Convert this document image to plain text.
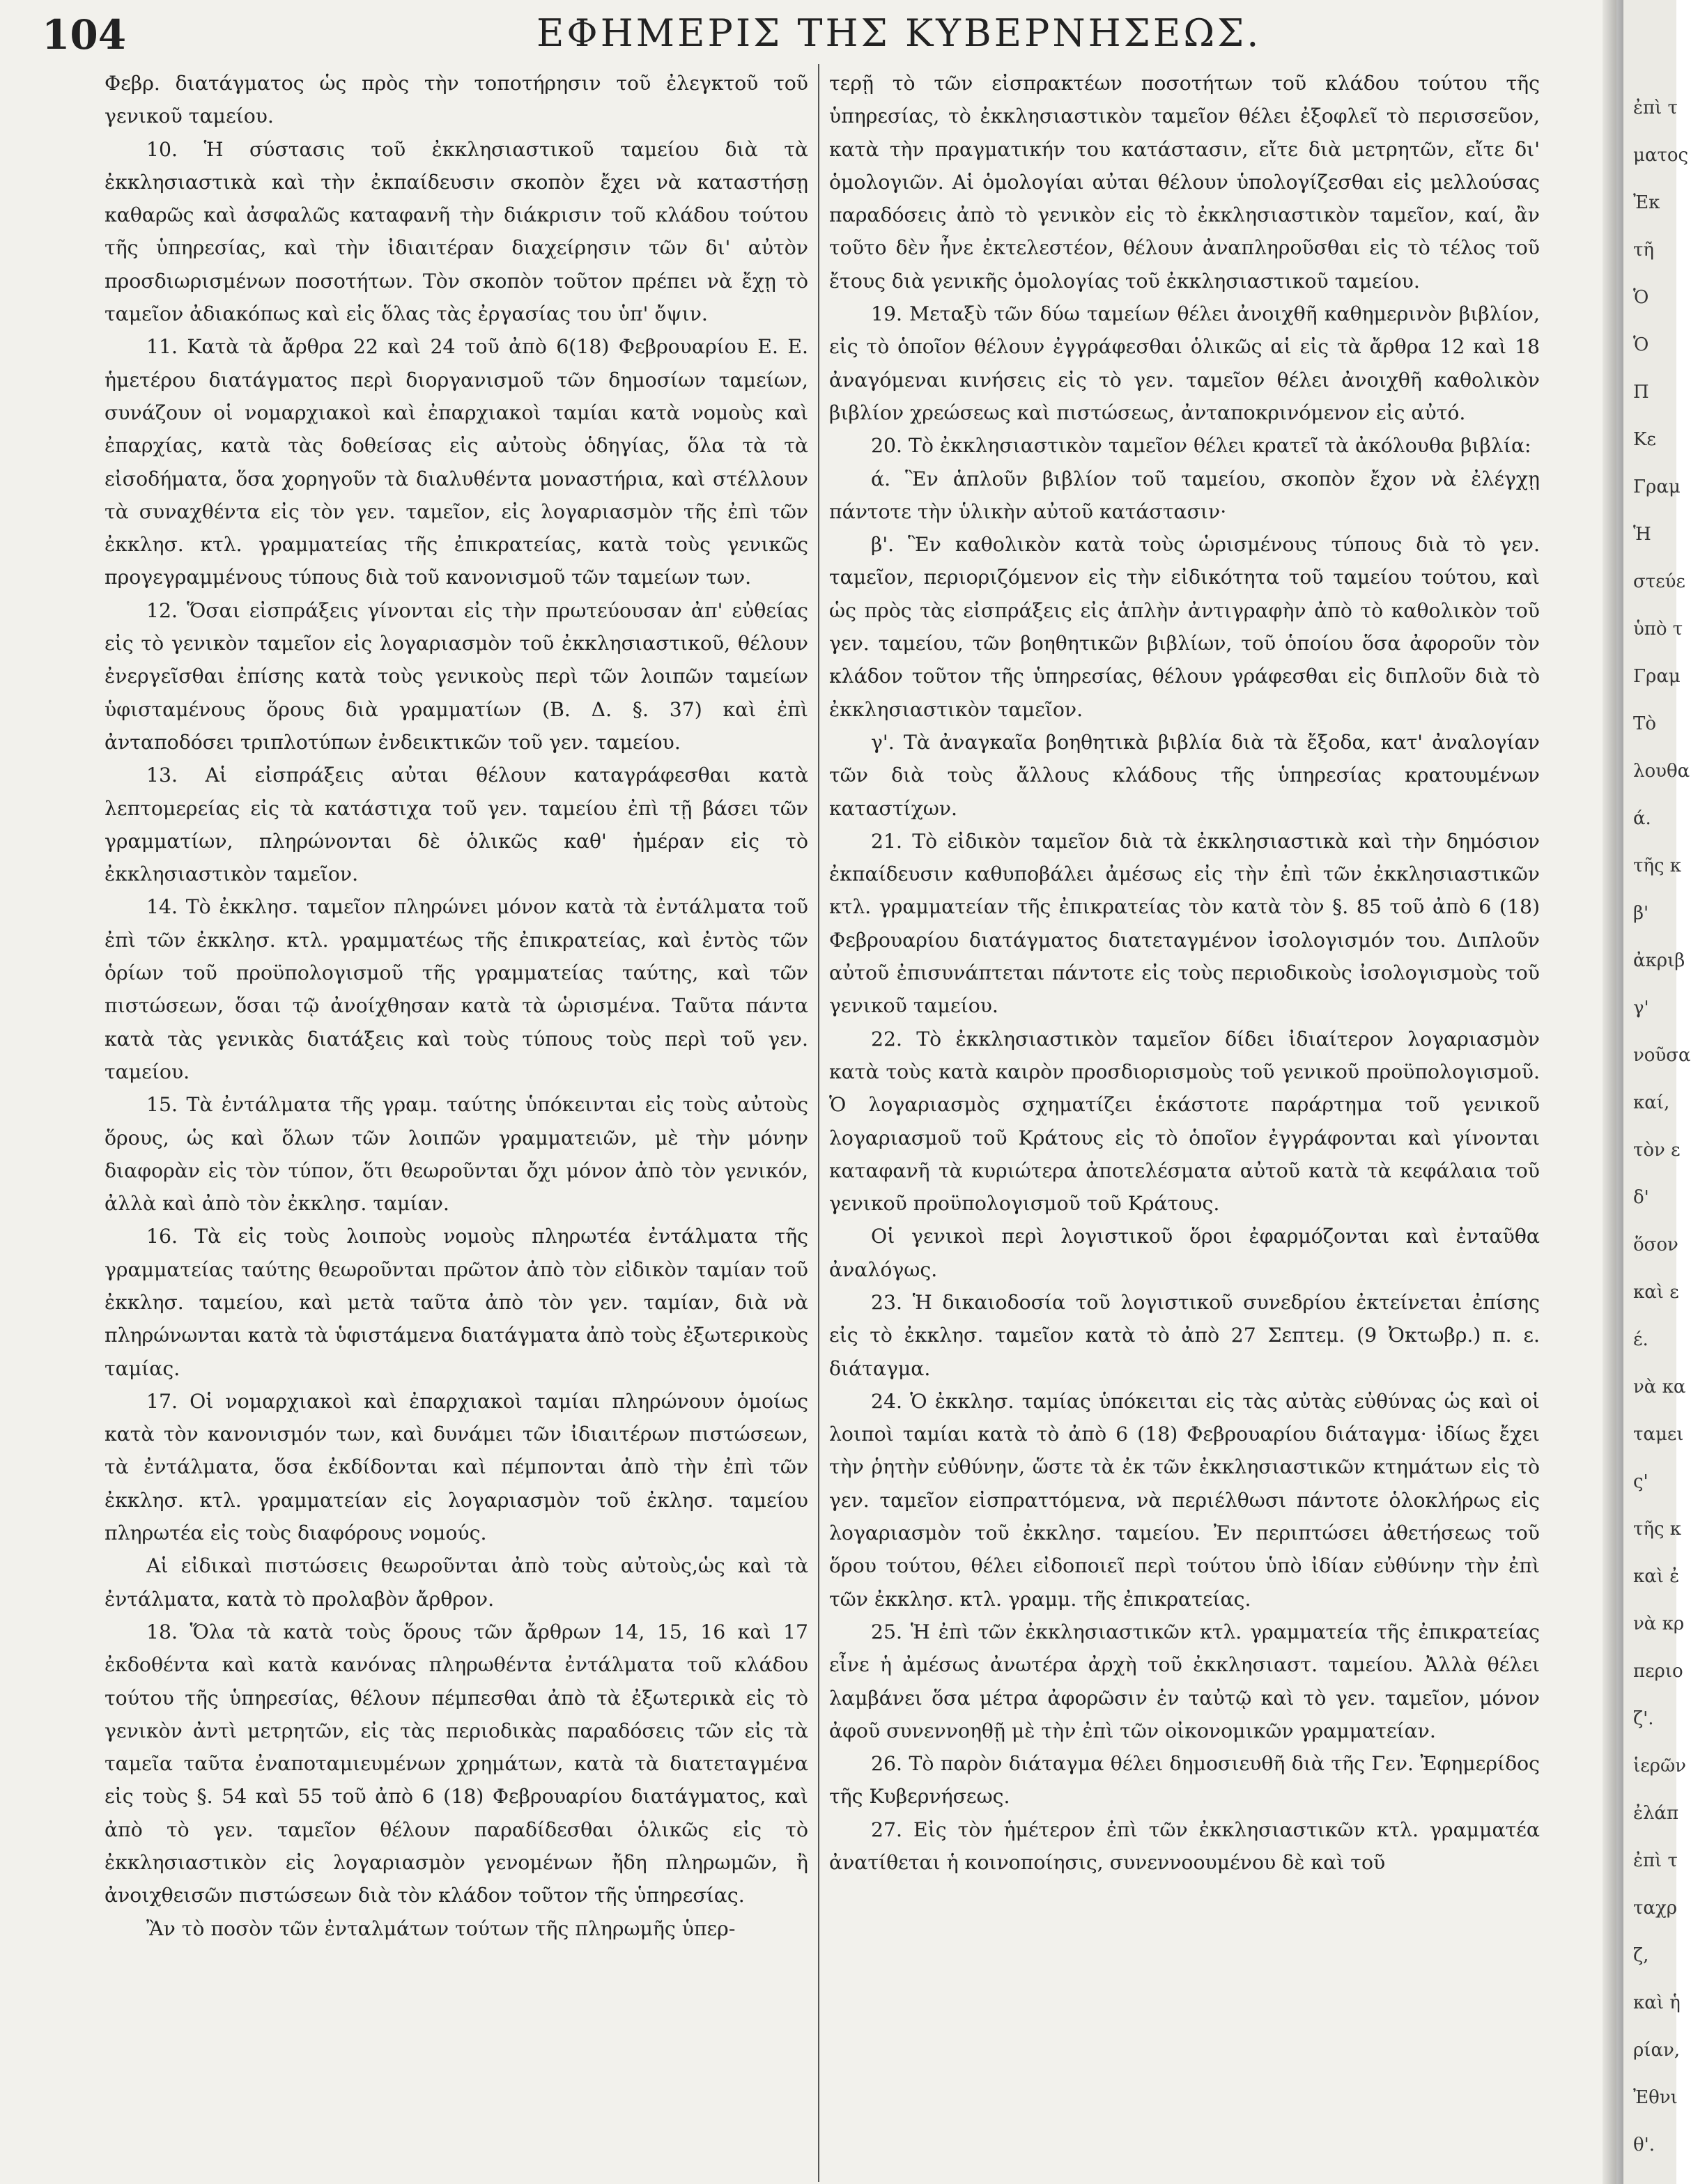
104	ΕΦΗΜΕΡΙΣ ΤΗΣ ΚΥΒΕΡΝΗΣΕΩΣ.

Φεβρ. διατάγματος ὡς πρὸς τὴν τοποτήρησιν τοῦ ἐλεγκτοῦ τοῦ γενικοῦ ταμείου.

10. Ἡ σύστασις τοῦ ἐκκλησιαστικοῦ ταμείου διὰ τὰ ἐκκλησιαστικὰ καὶ τὴν ἐκπαίδευσιν σκοπὸν ἔχει νὰ καταστήσῃ καθαρῶς καὶ ἀσφαλῶς καταφανῆ τὴν διάκρισιν τοῦ κλάδου τούτου τῆς ὑπηρεσίας, καὶ τὴν ἰδιαιτέραν διαχείρησιν τῶν δι' αὐτὸν προσδιωρισμένων ποσοτήτων. Τὸν σκοπὸν τοῦτον πρέπει νὰ ἔχῃ τὸ ταμεῖον ἀδιακόπως καὶ εἰς ὅλας τὰς ἐργασίας του ὑπ' ὄψιν.

11. Κατὰ τὰ ἄρθρα 22 καὶ 24 τοῦ ἀπὸ 6(18) Φεβρουαρίου Ε. Ε. ἡμετέρου διατάγματος περὶ διοργανισμοῦ τῶν δημοσίων ταμείων, συνάζουν οἱ νομαρχιακοὶ καὶ ἐπαρχιακοὶ ταμίαι κατὰ νομοὺς καὶ ἐπαρχίας, κατὰ τὰς δοθείσας εἰς αὐτοὺς ὁδηγίας, ὅλα τὰ τὰ εἰσοδήματα, ὅσα χορηγοῦν τὰ διαλυθέντα μοναστήρια, καὶ στέλλουν τὰ συναχθέντα εἰς τὸν γεν. ταμεῖον, εἰς λογαριασμὸν τῆς ἐπὶ τῶν ἐκκλησ. κτλ. γραμματείας τῆς ἐπικρατείας, κατὰ τοὺς γενικῶς προγεγραμμένους τύπους διὰ τοῦ κανονισμοῦ τῶν ταμείων των.

12. Ὅσαι εἰσπράξεις γίνονται εἰς τὴν πρωτεύουσαν ἀπ' εὐθείας εἰς τὸ γενικὸν ταμεῖον εἰς λογαριασμὸν τοῦ ἐκκλησιαστικοῦ, θέλουν ἐνεργεῖσθαι ἐπίσης κατὰ τοὺς γενικοὺς περὶ τῶν λοιπῶν ταμείων ὑφισταμένους ὅρους διὰ γραμματίων (Β. Δ. §. 37) καὶ ἐπὶ ἀνταποδόσει τριπλοτύπων ἐνδεικτικῶν τοῦ γεν. ταμείου.

13. Αἱ εἰσπράξεις αὐται θέλουν καταγράφεσθαι κατὰ λεπτομερείας εἰς τὰ κατάστιχα τοῦ γεν. ταμείου ἐπὶ τῇ βάσει τῶν γραμματίων, πληρώνονται δὲ ὁλικῶς καθ' ἡμέραν εἰς τὸ ἐκκλησιαστικὸν ταμεῖον.

14. Τὸ ἐκκλησ. ταμεῖον πληρώνει μόνον κατὰ τὰ ἐντάλματα τοῦ ἐπὶ τῶν ἐκκλησ. κτλ. γραμματέως τῆς ἐπικρατείας, καὶ ἐντὸς τῶν ὁρίων τοῦ προϋπολογισμοῦ τῆς γραμματείας ταύτης, καὶ τῶν πιστώσεων, ὅσαι τῷ ἀνοίχθησαν κατὰ τὰ ὡρισμένα. Ταῦτα πάντα κατὰ τὰς γενικὰς διατάξεις καὶ τοὺς τύπους τοὺς περὶ τοῦ γεν. ταμείου.

15. Τὰ ἐντάλματα τῆς γραμ. ταύτης ὑπόκεινται εἰς τοὺς αὐτοὺς ὅρους, ὡς καὶ ὅλων τῶν λοιπῶν γραμματειῶν, μὲ τὴν μόνην διαφορὰν εἰς τὸν τύπον, ὅτι θεωροῦνται ὄχι μόνον ἀπὸ τὸν γενικόν, ἀλλὰ καὶ ἀπὸ τὸν ἐκκλησ. ταμίαν.

16. Τὰ εἰς τοὺς λοιποὺς νομοὺς πληρωτέα ἐντάλματα τῆς γραμματείας ταύτης θεωροῦνται πρῶτον ἀπὸ τὸν εἰδικὸν ταμίαν τοῦ ἐκκλησ. ταμείου, καὶ μετὰ ταῦτα ἀπὸ τὸν γεν. ταμίαν, διὰ νὰ πληρώνωνται κατὰ τὰ ὑφιστάμενα διατάγματα ἀπὸ τοὺς ἐξωτερικοὺς ταμίας.

17. Οἱ νομαρχιακοὶ καὶ ἐπαρχιακοὶ ταμίαι πληρώνουν ὁμοίως κατὰ τὸν κανονισμόν των, καὶ δυνάμει τῶν ἰδιαιτέρων πιστώσεων, τὰ ἐντάλματα, ὅσα ἐκδίδονται καὶ πέμπονται ἀπὸ τὴν ἐπὶ τῶν ἐκκλησ. κτλ. γραμματείαν εἰς λογαριασμὸν τοῦ ἐκλησ. ταμείου πληρωτέα εἰς τοὺς διαφόρους νομούς.

Αἱ εἰδικαὶ πιστώσεις θεωροῦνται ἀπὸ τοὺς αὐτοὺς,ὡς καὶ τὰ ἐντάλματα, κατὰ τὸ προλαβὸν ἄρθρον.

18. Ὅλα τὰ κατὰ τοὺς ὅρους τῶν ἄρθρων 14, 15, 16 καὶ 17 ἐκδοθέντα καὶ κατὰ κανόνας πληρωθέντα ἐντάλματα τοῦ κλάδου τούτου τῆς ὑπηρεσίας, θέλουν πέμπεσθαι ἀπὸ τὰ ἐξωτερικὰ εἰς τὸ γενικὸν ἀντὶ μετρητῶν, εἰς τὰς περιοδικὰς παραδόσεις τῶν εἰς τὰ ταμεῖα ταῦτα ἐναποταμιευμένων χρημάτων, κατὰ τὰ διατεταγμένα εἰς τοὺς §. 54 καὶ 55 τοῦ ἀπὸ 6 (18) Φεβρουαρίου διατάγματος, καὶ ἀπὸ τὸ γεν. ταμεῖον θέλουν παραδίδεσθαι ὁλικῶς εἰς τὸ ἐκκλησιαστικὸν εἰς λογαριασμὸν γενομένων ἤδη πληρωμῶν, ἢ ἀνοιχθεισῶν πιστώσεων διὰ τὸν κλάδον τοῦτον τῆς ὑπηρεσίας.

Ἂν τὸ ποσὸν τῶν ἐνταλμάτων τούτων τῆς πληρωμῆς ὑπερ-

τερῇ τὸ τῶν εἰσπρακτέων ποσοτήτων τοῦ κλάδου τούτου τῆς ὑπηρεσίας, τὸ ἐκκλησιαστικὸν ταμεῖον θέλει ἐξοφλεῖ τὸ περισσεῦον, κατὰ τὴν πραγματικήν του κατάστασιν, εἴτε διὰ μετρητῶν, εἴτε δι' ὁμολογιῶν. Αἱ ὁμολογίαι αὐται θέλουν ὑπολογίζεσθαι εἰς μελλούσας παραδόσεις ἀπὸ τὸ γενικὸν εἰς τὸ ἐκκλησιαστικὸν ταμεῖον, καί, ἂν τοῦτο δὲν ἦνε ἐκτελεστέον, θέλουν ἀναπληροῦσθαι εἰς τὸ τέλος τοῦ ἔτους διὰ γενικῆς ὁμολογίας τοῦ ἐκκλησιαστικοῦ ταμείου.

19. Μεταξὺ τῶν δύω ταμείων θέλει ἀνοιχθῆ καθημερινὸν βιβλίον, εἰς τὸ ὁποῖον θέλουν ἐγγράφεσθαι ὁλικῶς αἱ εἰς τὰ ἄρθρα 12 καὶ 18 ἀναγόμεναι κινήσεις εἰς τὸ γεν. ταμεῖον θέλει ἀνοιχθῆ καθολικὸν βιβλίον χρεώσεως καὶ πιστώσεως, ἀνταποκρινόμενον εἰς αὐτό.

20. Τὸ ἐκκλησιαστικὸν ταμεῖον θέλει κρατεῖ τὰ ἀκόλουθα βιβλία:

ά. Ἓν ἁπλοῦν βιβλίον τοῦ ταμείου, σκοπὸν ἔχον νὰ ἐλέγχῃ πάντοτε τὴν ὑλικὴν αὐτοῦ κατάστασιν·

β'. Ἓν καθολικὸν κατὰ τοὺς ὡρισμένους τύπους διὰ τὸ γεν. ταμεῖον, περιοριζόμενον εἰς τὴν εἰδικότητα τοῦ ταμείου τούτου, καὶ ὡς πρὸς τὰς εἰσπράξεις εἰς ἁπλὴν ἀντιγραφὴν ἀπὸ τὸ καθολικὸν τοῦ γεν. ταμείου, τῶν βοηθητικῶν βιβλίων, τοῦ ὁποίου ὅσα ἀφοροῦν τὸν κλάδον τοῦτον τῆς ὑπηρεσίας, θέλουν γράφεσθαι εἰς διπλοῦν διὰ τὸ ἐκκλησιαστικὸν ταμεῖον.

γ'. Τὰ ἀναγκαῖα βοηθητικὰ βιβλία διὰ τὰ ἔξοδα, κατ' ἀναλογίαν τῶν διὰ τοὺς ἄλλους κλάδους τῆς ὑπηρεσίας κρατουμένων καταστίχων.

21. Τὸ εἰδικὸν ταμεῖον διὰ τὰ ἐκκλησιαστικὰ καὶ τὴν δημόσιον ἐκπαίδευσιν καθυποβάλει ἀμέσως εἰς τὴν ἐπὶ τῶν ἐκκλησιαστικῶν κτλ. γραμματείαν τῆς ἐπικρατείας τὸν κατὰ τὸν §. 85 τοῦ ἀπὸ 6 (18) Φεβρουαρίου διατάγματος διατεταγμένον ἰσολογισμόν του. Διπλοῦν αὐτοῦ ἐπισυνάπτεται πάντοτε εἰς τοὺς περιοδικοὺς ἰσολογισμοὺς τοῦ γενικοῦ ταμείου.

22. Τὸ ἐκκλησιαστικὸν ταμεῖον δίδει ἰδιαίτερον λογαριασμὸν κατὰ τοὺς κατὰ καιρὸν προσδιορισμοὺς τοῦ γενικοῦ προϋπολογισμοῦ. Ὁ λογαριασμὸς σχηματίζει ἑκάστοτε παράρτημα τοῦ γενικοῦ λογαριασμοῦ τοῦ Κράτους εἰς τὸ ὁποῖον ἐγγράφονται καὶ γίνονται καταφανῆ τὰ κυριώτερα ἀποτελέσματα αὐτοῦ κατὰ τὰ κεφάλαια τοῦ γενικοῦ προϋπολογισμοῦ τοῦ Κράτους.

Οἱ γενικοὶ περὶ λογιστικοῦ ὅροι ἐφαρμόζονται καὶ ἐνταῦθα ἀναλόγως.

23. Ἡ δικαιοδοσία τοῦ λογιστικοῦ συνεδρίου ἐκτείνεται ἐπίσης εἰς τὸ ἐκκλησ. ταμεῖον κατὰ τὸ ἀπὸ 27 Σεπτεμ. (9 Ὀκτωβρ.) π. ε. διάταγμα.

24. Ὁ ἐκκλησ. ταμίας ὑπόκειται εἰς τὰς αὐτὰς εὐθύνας ὡς καὶ οἱ λοιποὶ ταμίαι κατὰ τὸ ἀπὸ 6 (18) Φεβρουαρίου διάταγμα· ἰδίως ἔχει τὴν ῥητὴν εὐθύνην, ὥστε τὰ ἐκ τῶν ἐκκλησιαστικῶν κτημάτων εἰς τὸ γεν. ταμεῖον εἰσπραττόμενα, νὰ περιέλθωσι πάντοτε ὁλοκλήρως εἰς λογαριασμὸν τοῦ ἐκκλησ. ταμείου. Ἐν περιπτώσει ἀθετήσεως τοῦ ὅρου τούτου, θέλει εἰδοποιεῖ περὶ τούτου ὑπὸ ἰδίαν εὐθύνην τὴν ἐπὶ τῶν ἐκκλησ. κτλ. γραμμ. τῆς ἐπικρατείας.

25. Ἡ ἐπὶ τῶν ἐκκλησιαστικῶν κτλ. γραμματεία τῆς ἐπικρατείας εἶνε ἡ ἀμέσως ἀνωτέρα ἀρχὴ τοῦ ἐκκλησιαστ. ταμείου. Ἀλλὰ θέλει λαμβάνει ὅσα μέτρα ἀφορῶσιν ἐν ταὐτῷ καὶ τὸ γεν. ταμεῖον, μόνον ἀφοῦ συνεννοηθῇ μὲ τὴν ἐπὶ τῶν οἰκονομικῶν γραμματείαν.

26. Τὸ παρὸν διάταγμα θέλει δημοσιευθῆ διὰ τῆς Γεν. Ἐφημερίδος τῆς Κυβερνήσεως.

27. Εἰς τὸν ἡμέτερον ἐπὶ τῶν ἐκκλησιαστικῶν κτλ. γραμματέα ἀνατίθεται ἡ κοινοποίησις, συνεννοουμένου δὲ καὶ τοῦ

ἐπὶ τ
ματος
Ἐκ
τῆ
Ὁ
Ὁ
Π
Κε
Γραμ
Ἡ
στεύε
ὑπὸ τ
Γραμ
Τὸ
λουθα
ά.
τῆς κ
β'
ἀκριβ
γ'
νοῦσα
καί,
τὸν ε
δ'
ὅσον
καὶ ε
έ.
νὰ κα
ταμει
ς'
τῆς κ
καὶ ἐ
νὰ κρ
περιο
ζ'.
ἱερῶν
ἐλάπ
ἐπὶ τ
ταχρ
ζ,
καὶ ἡ
ρίαν,
Ἐθνι
θ'.
